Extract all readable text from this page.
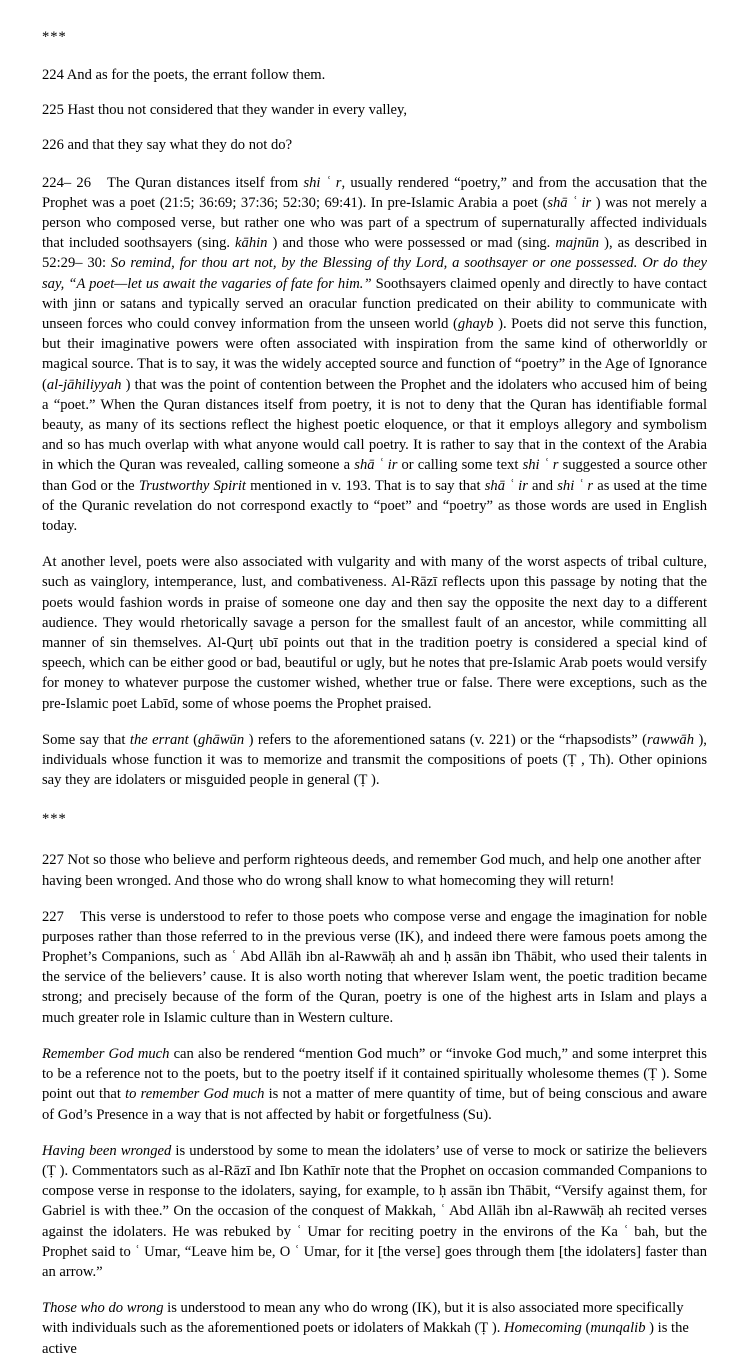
***
224 And as for the poets, the errant follow them.
225 Hast thou not considered that they wander in every valley,
226 and that they say what they do not do?
224– 26 The Quran distances itself from shi ʿ r, usually rendered “poetry,” and from the accusation that the Prophet was a poet (21:5; 36:69; 37:36; 52:30; 69:41). In pre-Islamic Arabia a poet (shā ʿ ir ) was not merely a person who composed verse, but rather one who was part of a spectrum of supernaturally affected individuals that included soothsayers (sing. kāhin ) and those who were possessed or mad (sing. majnūn ), as described in 52:29– 30: So remind, for thou art not, by the Blessing of thy Lord, a soothsayer or one possessed. Or do they say, “A poet—let us await the vagaries of fate for him.” Soothsayers claimed openly and directly to have contact with jinn or satans and typically served an oracular function predicated on their ability to communicate with unseen forces who could convey information from the unseen world (ghayb ). Poets did not serve this function, but their imaginative powers were often associated with inspiration from the same kind of otherworldly or magical source. That is to say, it was the widely accepted source and function of “poetry” in the Age of Ignorance (al-jāhiliyyah ) that was the point of contention between the Prophet and the idolaters who accused him of being a “poet.” When the Quran distances itself from poetry, it is not to deny that the Quran has identifiable formal beauty, as many of its sections reflect the highest poetic eloquence, or that it employs allegory and symbolism and so has much overlap with what anyone would call poetry. It is rather to say that in the context of the Arabia in which the Quran was revealed, calling someone a shā ʿ ir or calling some text shi ʿ r suggested a source other than God or the Trustworthy Spirit mentioned in v. 193. That is to say that shā ʿ ir and shi ʿ r as used at the time of the Quranic revelation do not correspond exactly to “poet” and “poetry” as those words are used in English today.
At another level, poets were also associated with vulgarity and with many of the worst aspects of tribal culture, such as vainglory, intemperance, lust, and combativeness. Al-Rāzī reflects upon this passage by noting that the poets would fashion words in praise of someone one day and then say the opposite the next day to a different audience. They would rhetorically savage a person for the smallest fault of an ancestor, while committing all manner of sin themselves. Al-Qurṭ ubī points out that in the tradition poetry is considered a special kind of speech, which can be either good or bad, beautiful or ugly, but he notes that pre-Islamic Arab poets would versify for money to whatever purpose the customer wished, whether true or false. There were exceptions, such as the pre-Islamic poet Labīd, some of whose poems the Prophet praised.
Some say that the errant (ghāwūn ) refers to the aforementioned satans (v. 221) or the “rhapsodists” (rawwāh ), individuals whose function it was to memorize and transmit the compositions of poets (Ṭ , Th). Other opinions say they are idolaters or misguided people in general (Ṭ ).
***
227 Not so those who believe and perform righteous deeds, and remember God much, and help one another after having been wronged. And those who do wrong shall know to what homecoming they will return!
227 This verse is understood to refer to those poets who compose verse and engage the imagination for noble purposes rather than those referred to in the previous verse (IK), and indeed there were famous poets among the Prophet’s Companions, such as ʿ Abd Allāh ibn al-Rawwāḥ ah and ḥ assān ibn Thābit, who used their talents in the service of the believers’ cause. It is also worth noting that wherever Islam went, the poetic tradition became strong; and precisely because of the form of the Quran, poetry is one of the highest arts in Islam and plays a much greater role in Islamic culture than in Western culture.
Remember God much can also be rendered “mention God much” or “invoke God much,” and some interpret this to be a reference not to the poets, but to the poetry itself if it contained spiritually wholesome themes (Ṭ ). Some point out that to remember God much is not a matter of mere quantity of time, but of being conscious and aware of God’s Presence in a way that is not affected by habit or forgetfulness (Su).
Having been wronged is understood by some to mean the idolaters’ use of verse to mock or satirize the believers (Ṭ ). Commentators such as al-Rāzī and Ibn Kathīr note that the Prophet on occasion commanded Companions to compose verse in response to the idolaters, saying, for example, to ḥ assān ibn Thābit, “Versify against them, for Gabriel is with thee.” On the occasion of the conquest of Makkah, ʿ Abd Allāh ibn al-Rawwāḥ ah recited verses against the idolaters. He was rebuked by ʿ Umar for reciting poetry in the environs of the Ka ʿ bah, but the Prophet said to ʿ Umar, “Leave him be, O ʿ Umar, for it [the verse] goes through them [the idolaters] faster than an arrow.”
Those who do wrong is understood to mean any who do wrong (IK), but it is also associated more specifically with individuals such as the aforementioned poets or idolaters of Makkah (Ṭ ). Homecoming (munqalib ) is the active
